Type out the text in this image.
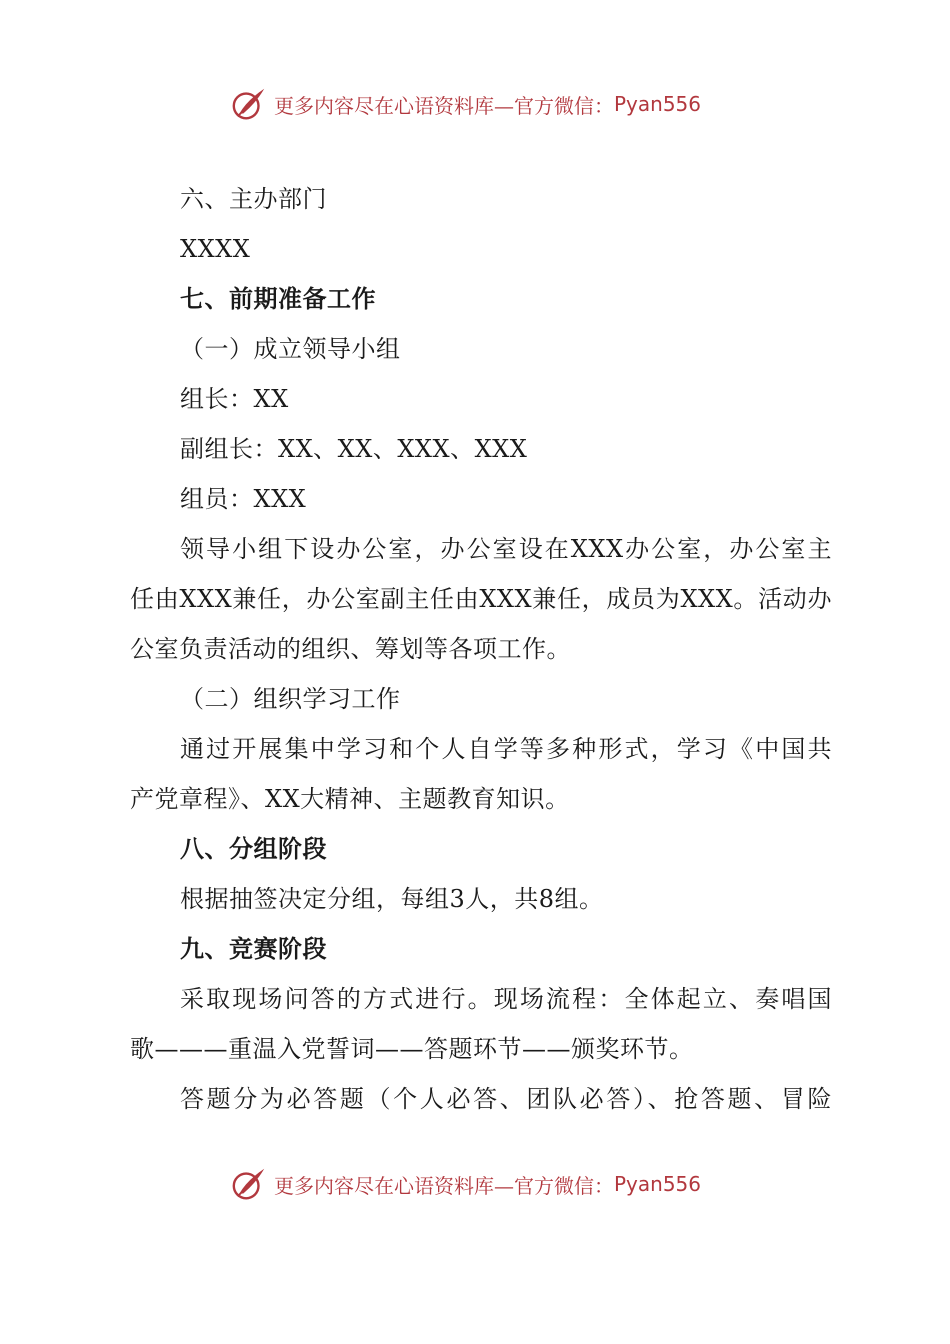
更多内容尽在心语资料库—官方微信： Pyan556

六、主办部门

XXXX

七、前期准备工作

（一）成立领导小组

组长：XX

副组长：XX、XX、XXX、XXX

组员：XXX

领导小组下设办公室，办公室设在XXX办公室，办公室主

任由XXX兼任，办公室副主任由XXX兼任，成员为XXX。活动办

公室负责活动的组织、筹划等各项工作。

（二）组织学习工作

通过开展集中学习和个人自学等多种形式，学习《中国共

产党章程》、XX大精神、主题教育知识。

八、分组阶段

根据抽签决定分组，每组3人，共8组。

九、竞赛阶段

采取现场问答的方式进行。现场流程：全体起立、奏唱国

歌———重温入党誓词——答题环节——颁奖环节。

答题分为必答题（个人必答、团队必答）、抢答题、冒险

更多内容尽在心语资料库—官方微信： Pyan556
